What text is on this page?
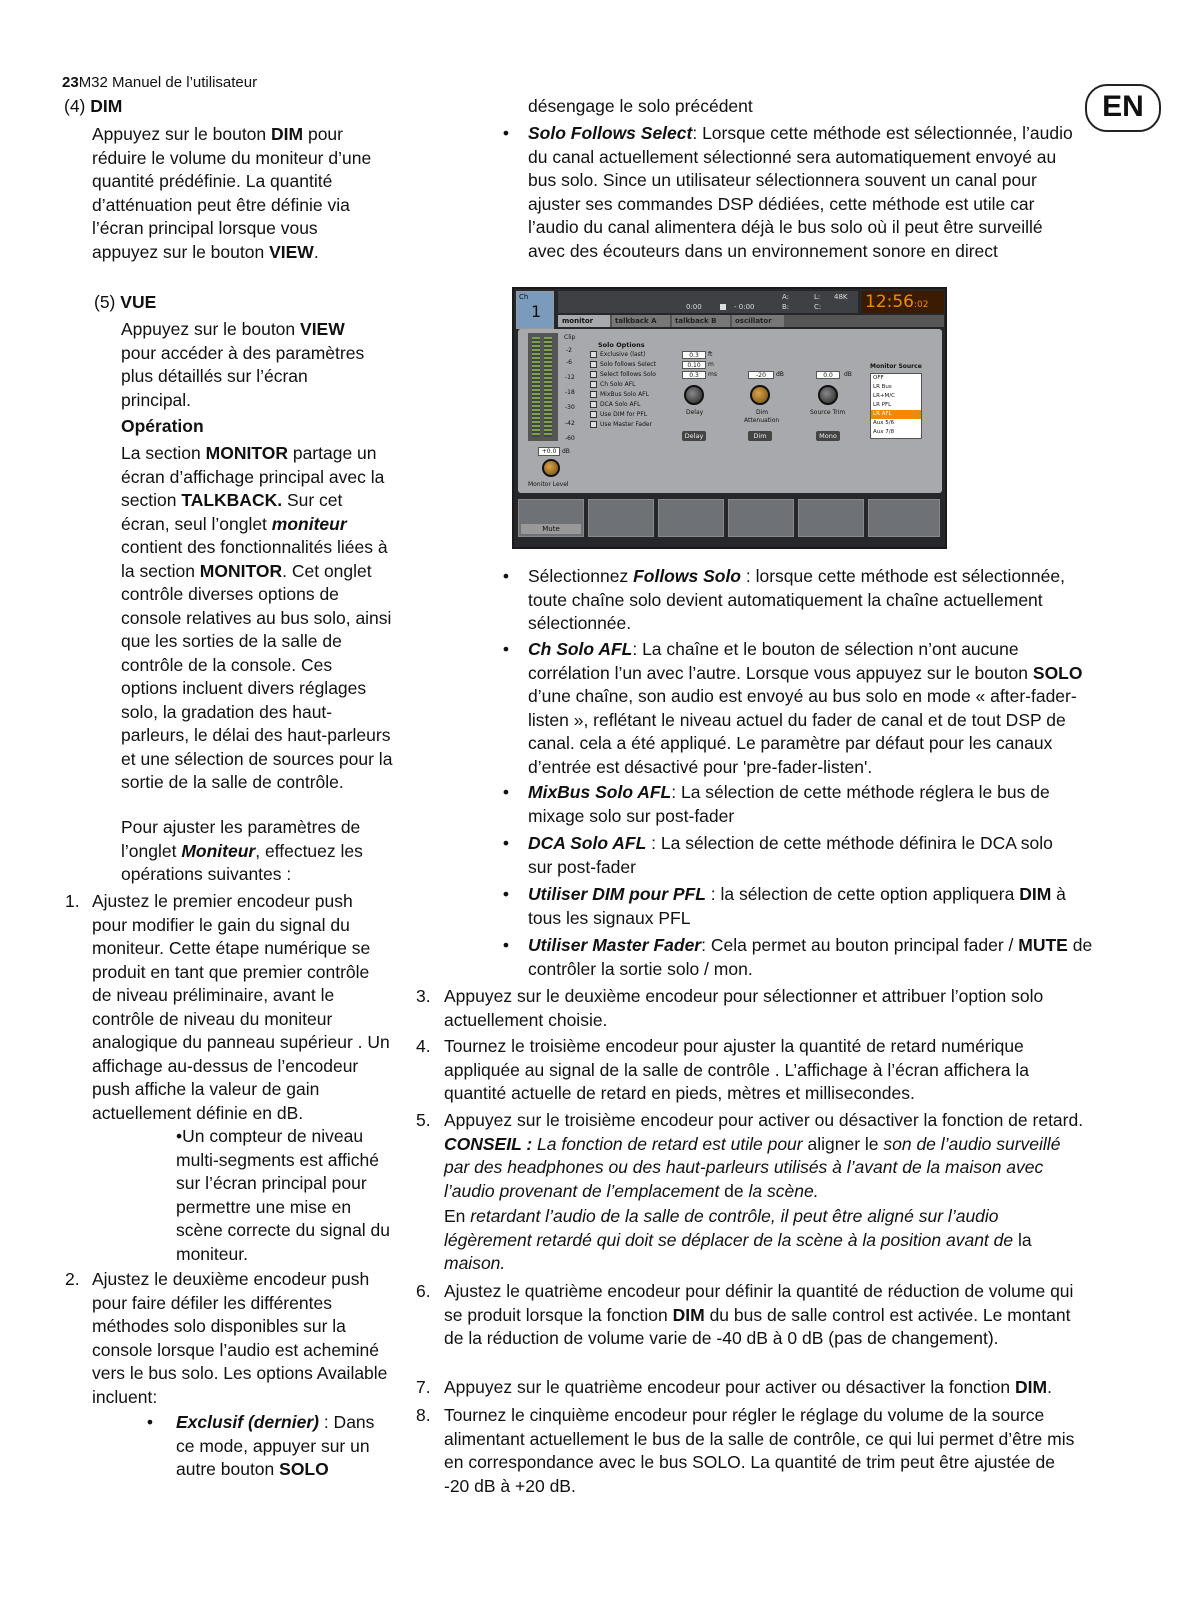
23M32 Manuel de l’utilisateur
EN
(4) DIM

Appuyez sur le bouton DIM pour réduire le volume du moniteur d’une quantité prédéfinie. La quantité d’atténuation peut être définie via l’écran principal lorsque vous appuyez sur le bouton VIEW.

(5) VUE

Appuyez sur le bouton VIEW pour accéder à des paramètres plus détaillés sur l’écran principal.

Opération

La section MONITOR partage un écran d’affichage principal avec la section TALKBACK. Sur cet écran, seul l’onglet moniteur contient des fonctionnalités liées à la section MONITOR. Cet onglet contrôle diverses options de console relatives au bus solo, ainsi que les sorties de la salle de contrôle de la console. Ces options incluent divers réglages solo, la gradation des haut-parleurs, le délai des haut-parleurs et une sélection de sources pour la sortie de la salle de contrôle.

Pour ajuster les paramètres de l’onglet Moniteur, effectuez les opérations suivantes :

1. Ajustez le premier encodeur push pour modifier le gain du signal du moniteur. Cette étape numérique se produit en tant que premier contrôle de niveau préliminaire, avant le contrôle de niveau du moniteur analogique du panneau supérieur . Un affichage au-dessus de l’encodeur push affiche la valeur de gain actuellement définie en dB.

•Un compteur de niveau multi-segments est affiché sur l’écran principal pour permettre une mise en scène correcte du signal du moniteur.

2. Ajustez le deuxième encodeur push pour faire défiler les différentes méthodes solo disponibles sur la console lorsque l’audio est acheminé vers le bus solo. Les options Available incluent:

•	Exclusif (dernier) : Dans ce mode, appuyer sur un autre bouton SOLO

désengage le solo précédent

•	Solo Follows Select: Lorsque cette méthode est sélectionnée, l’audio du canal actuellement sélectionné sera automatiquement envoyé au bus solo. Since un utilisateur sélectionnera souvent un canal pour ajuster ses commandes DSP dédiées, cette méthode est utile car l’audio du canal alimentera déjà le bus solo où il peut être surveillé avec des écouteurs dans un environnement sonore en direct

Ch
1	0:00	- 0:00
A:
B:
L: 48K
C:	12:56:02
monitor	talkback A	talkback B	oscillator
Clip
-2
-6
-12
-18
-30
-42
-60
+0.0 dB
Monitor Level
Solo Options
Exclusive (last)
Solo follows Select
Select follows Solo
Ch Solo AFL
MixBus Solo AFL
DCA Solo AFL
Use DIM for PFL
Use Master Fader
0.3	ft
0.10	m
0.3	ms
Delay
Delay
-20	dB
Dim
Attenuation
Dim
0.0	dB
Source Trim
Mono
Monitor Source
OFF
LR Bus
LR+M/C
LR PFL
LR AFL
Aux 5/6
Aux 7/8
Mute
•	Sélectionnez Follows Solo : lorsque cette méthode est sélectionnée, toute chaîne solo devient automatiquement la chaîne actuellement sélectionnée.

•	Ch Solo AFL: La chaîne et le bouton de sélection n’ont aucune corrélation l’un avec l’autre. Lorsque vous appuyez sur le bouton SOLO d’une chaîne, son audio est envoyé au bus solo en mode « after-fader-listen », reflétant le niveau actuel du fader de canal et de tout DSP de canal. cela a été appliqué. Le paramètre par défaut pour les canaux d’entrée est désactivé pour 'pre-fader-listen'.

•	MixBus Solo AFL: La sélection de cette méthode réglera le bus de mixage solo sur post-fader

•	DCA Solo AFL : La sélection de cette méthode définira le DCA solo sur post-fader

•	Utiliser DIM pour PFL : la sélection de cette option appliquera DIM à tous les signaux PFL

•	Utiliser Master Fader: Cela permet au bouton principal fader / MUTE de contrôler la sortie solo / mon.

3. Appuyez sur le deuxième encodeur pour sélectionner et attribuer l’option solo actuellement choisie.

4. Tournez le troisième encodeur pour ajuster la quantité de retard numérique appliquée au signal de la salle de contrôle . L’affichage à l’écran affichera la quantité actuelle de retard en pieds, mètres et millisecondes.

5. Appuyez sur le troisième encodeur pour activer ou désactiver la fonction de retard. CONSEIL : La fonction de retard est utile pour aligner le son de l’audio surveillé par des headphones ou des haut-parleurs utilisés à l’avant de la maison avec l’audio provenant de l’emplacement de la scène.

En retardant l’audio de la salle de contrôle, il peut être aligné sur l’audio légèrement retardé qui doit se déplacer de la scène à la position avant de la maison.

6. Ajustez le quatrième encodeur pour définir la quantité de réduction de volume qui se produit lorsque la fonction DIM du bus de salle control est activée. Le montant de la réduction de volume varie de -40 dB à 0 dB (pas de changement).

7. Appuyez sur le quatrième encodeur pour activer ou désactiver la fonction DIM.

8. Tournez le cinquième encodeur pour régler le réglage du volume de la source alimentant actuellement le bus de la salle de contrôle, ce qui lui permet d’être mis en correspondance avec le bus SOLO. La quantité de trim peut être ajustée de -20 dB à +20 dB.
